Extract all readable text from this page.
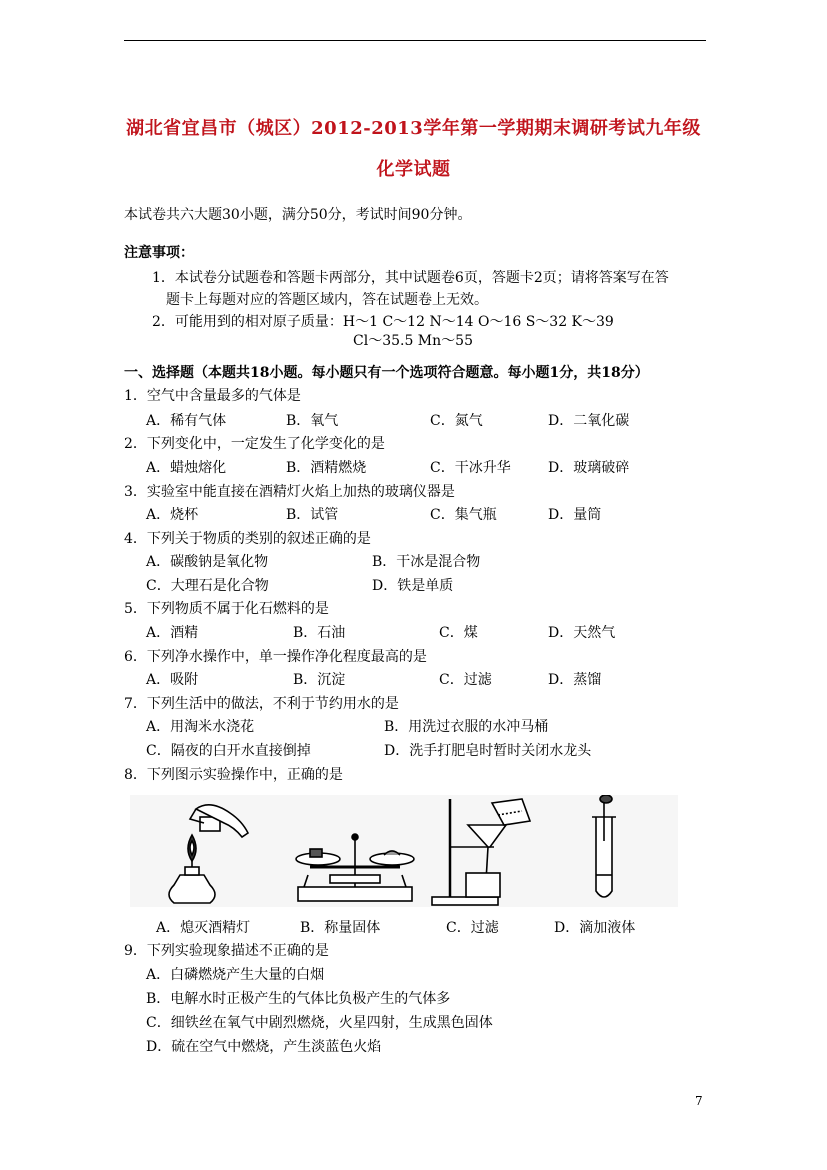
湖北省宜昌市（城区）2012-2013学年第一学期期末调研考试九年级
化学试题
本试卷共六大题30小题，满分50分，考试时间90分钟。
注意事项：
1．本试卷分试题卷和答题卡两部分，其中试题卷6页，答题卡2页；请将答案写在答
题卡上每题对应的答题区域内，答在试题卷上无效。
2．可能用到的相对原子质量：H～1 C～12 N～14 O～16 S～32 K～39
Cl～35.5 Mn～55
一、选择题（本题共18小题。每小题只有一个选项符合题意。每小题1分，共18分）
1．空气中含量最多的气体是
A．稀有气体	B．氧气	C．氮气	D．二氧化碳
2．下列变化中，一定发生了化学变化的是
A．蜡烛熔化	B．酒精燃烧	C．干冰升华	D．玻璃破碎
3．实验室中能直接在酒精灯火焰上加热的玻璃仪器是
A．烧杯	B．试管	C．集气瓶	D．量筒
4．下列关于物质的类别的叙述正确的是
A．碳酸钠是氧化物	B．干冰是混合物
C．大理石是化合物	D．铁是单质
5．下列物质不属于化石燃料的是
A．酒精	B．石油	C．煤	D．天然气
6．下列净水操作中，单一操作净化程度最高的是
A．吸附	B．沉淀	C．过滤	D．蒸馏
7．下列生活中的做法，不利于节约用水的是
A．用淘米水浇花	B．用洗过衣服的水冲马桶
C．隔夜的白开水直接倒掉	D．洗手打肥皂时暂时关闭水龙头
8．下列图示实验操作中，正确的是
A．熄灭酒精灯	B．称量固体	C．过滤	D．滴加液体
9．下列实验现象描述不正确的是
A．白磷燃烧产生大量的白烟
B．电解水时正极产生的气体比负极产生的气体多
C．细铁丝在氧气中剧烈燃烧，火星四射，生成黑色固体
D．硫在空气中燃烧，产生淡蓝色火焰
7
